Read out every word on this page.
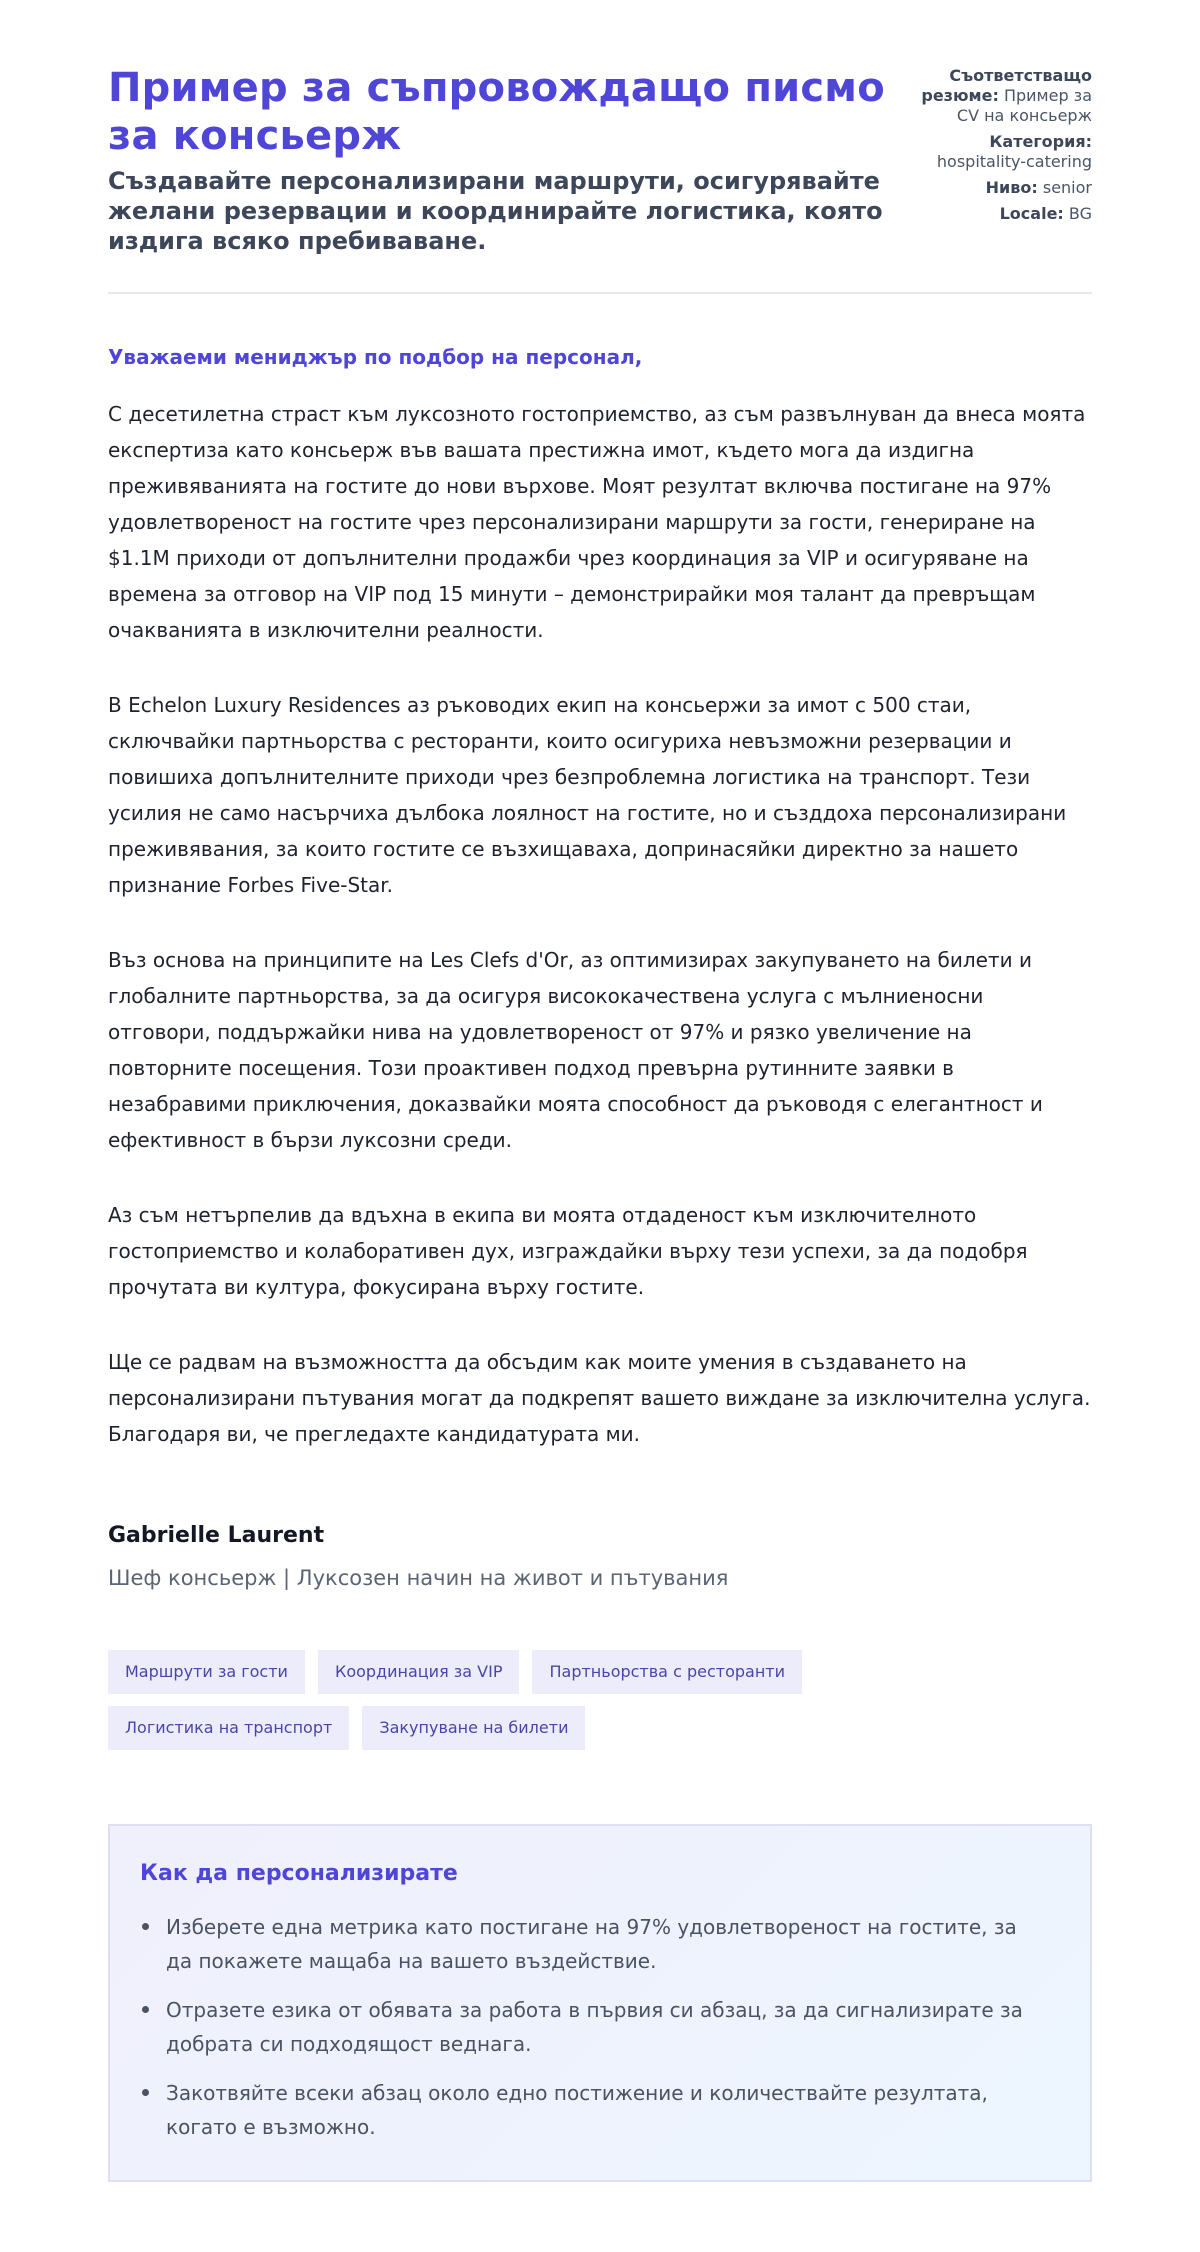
Пример за съпровождащо писмо за консьерж
Създавайте персонализирани маршрути, осигурявайте желани резервации и координирайте логистика, която издига всяко пребиваване.
Съответстващо резюме: Пример за CV на консьерж
Категория: hospitality-catering
Ниво: senior
Locale: BG

Уважаеми мениджър по подбор на персонал,

С десетилетна страст към луксозното гостоприемство, аз съм развълнуван да внеса моята експертиза като консьерж във вашата престижна имот, където мога да издигна преживяванията на гостите до нови върхове. Моят резултат включва постигане на 97% удовлетвореност на гостите чрез персонализирани маршрути за гости, генериране на $1.1M приходи от допълнителни продажби чрез координация за VIP и осигуряване на времена за отговор на VIP под 15 минути – демонстрирайки моя талант да превръщам очакванията в изключителни реалности.

В Echelon Luxury Residences аз ръководих екип на консьержи за имот с 500 стаи, сключвайки партньорства с ресторанти, които осигуриха невъзможни резервации и повишиха допълнителните приходи чрез безпроблемна логистика на транспорт. Тези усилия не само насърчиха дълбока лоялност на гостите, но и създдоха персонализирани преживявания, за които гостите се възхищаваха, допринасяйки директно за нашето признание Forbes Five-Star.

Въз основа на принципите на Les Clefs d'Or, аз оптимизирах закупуването на билети и глобалните партньорства, за да осигуря висококачествена услуга с мълниеносни отговори, поддържайки нива на удовлетвореност от 97% и рязко увеличение на повторните посещения. Този проактивен подход превърна рутинните заявки в незабравими приключения, доказвайки моята способност да ръководя с елегантност и ефективност в бързи луксозни среди.

Аз съм нетърпелив да вдъхна в екипа ви моята отдаденост към изключителното гостоприемство и колаборативен дух, изграждайки върху тези успехи, за да подобря прочутата ви култура, фокусирана върху гостите.

Ще се радвам на възможността да обсъдим как моите умения в създаването на персонализирани пътувания могат да подкрепят вашето виждане за изключителна услуга. Благодаря ви, че прегледахте кандидатурата ми.

Gabrielle Laurent
Шеф консьерж | Луксозен начин на живот и пътувания
Маршрути за гости	Координация за VIP	Партньорства с ресторанти
Логистика на транспорт	Закупуване на билети
Как да персонализирате
Изберете една метрика като постигане на 97% удовлетвореност на гостите, за да покажете мащаба на вашето въздействие.
Отразете езика от обявата за работа в първия си абзац, за да сигнализирате за добрата си подходящост веднага.
Закотвяйте всеки абзац около едно постижение и количествайте резултата, когато е възможно.
